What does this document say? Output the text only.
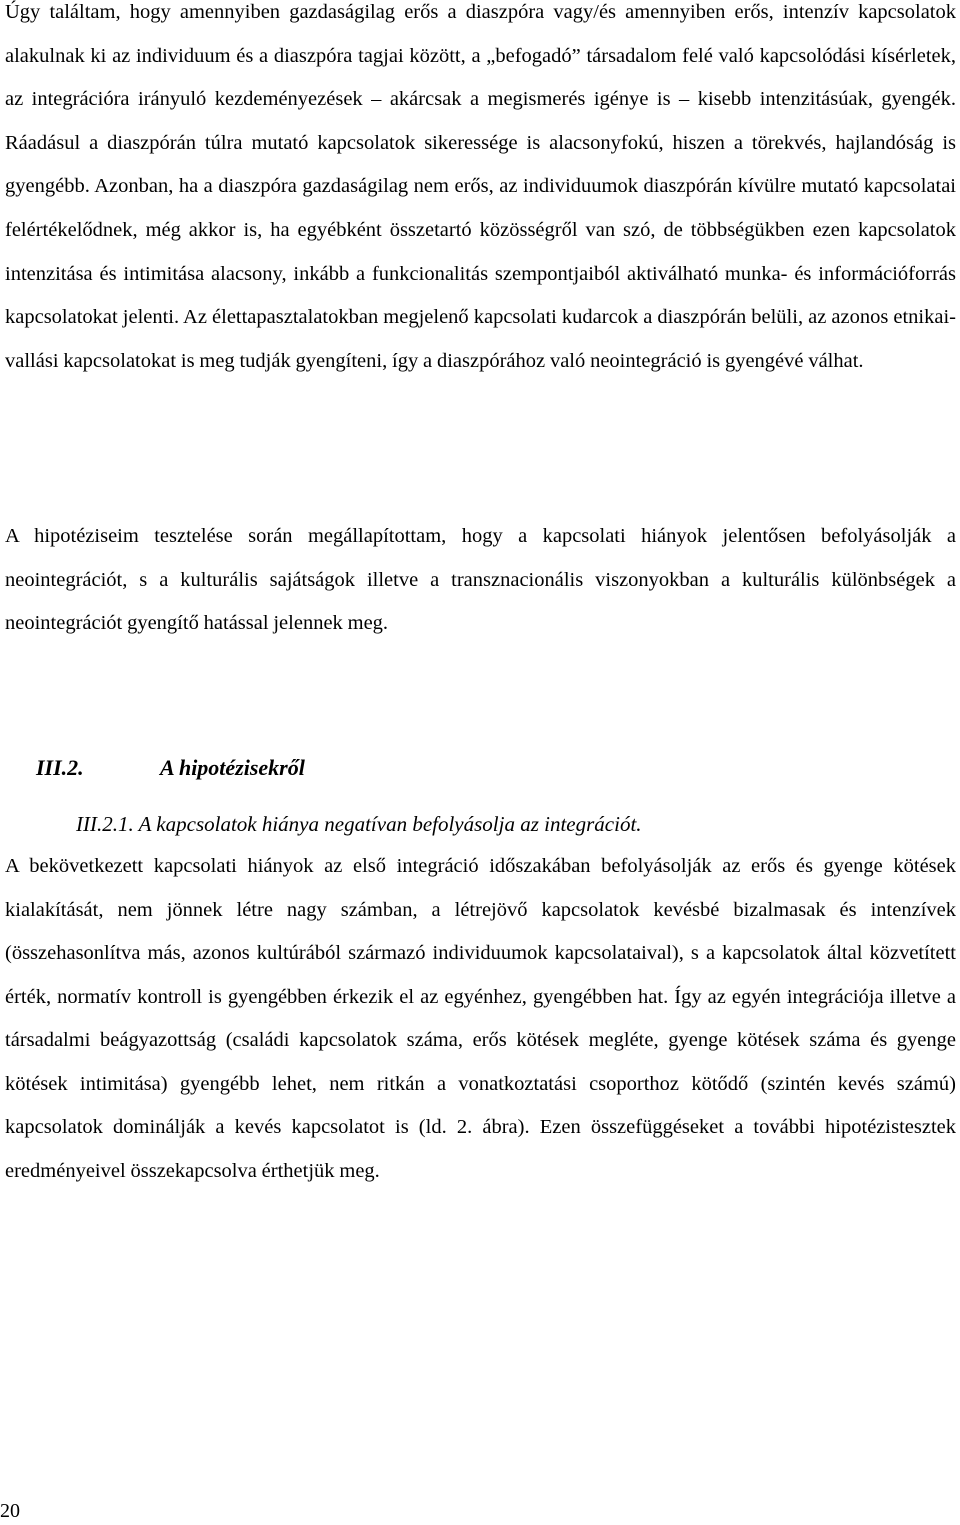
Úgy találtam, hogy amennyiben gazdaságilag erős a diaszpóra vagy/és amennyiben erős, intenzív kapcsolatok alakulnak ki az individuum és a diaszpóra tagjai között, a „befogadó” társadalom felé való kapcsolódási kísérletek, az integrációra irányuló kezdeményezések – akárcsak a megismerés igénye is – kisebb intenzitásúak, gyengék. Ráadásul a diaszpórán túlra mutató kapcsolatok sikeressége is alacsonyfokú, hiszen a törekvés, hajlandóság is gyengébb. Azonban, ha a diaszpóra gazdaságilag nem erős, az individuumok diaszpórán kívülre mutató kapcsolatai felértékelődnek, még akkor is, ha egyébként összetartó közösségről van szó, de többségükben ezen kapcsolatok intenzitása és intimitása alacsony, inkább a funkcionalitás szempontjaiból aktiválható munka- és információforrás kapcsolatokat jelenti. Az élettapasztalatokban megjelenő kapcsolati kudarcok a diaszpórán belüli, az azonos etnikai-vallási kapcsolatokat is meg tudják gyengíteni, így a diaszpórához való neointegráció is gyengévé válhat.

A hipotéziseim tesztelése során megállapítottam, hogy a kapcsolati hiányok jelentősen befolyásolják a neointegrációt, s a kulturális sajátságok illetve a transznacionális viszonyokban a kulturális különbségek a neointegrációt gyengítő hatással jelennek meg.

III.2.	A hipotézisekről
III.2.1. A kapcsolatok hiánya negatívan befolyásolja az integrációt.

A bekövetkezett kapcsolati hiányok az első integráció időszakában befolyásolják az erős és gyenge kötések kialakítását, nem jönnek létre nagy számban, a létrejövő kapcsolatok kevésbé bizalmasak és intenzívek (összehasonlítva más, azonos kultúrából származó individuumok kapcsolataival), s a kapcsolatok által közvetített érték, normatív kontroll is gyengébben érkezik el az egyénhez, gyengébben hat. Így az egyén integrációja illetve a társadalmi beágyazottság (családi kapcsolatok száma, erős kötések megléte, gyenge kötések száma és gyenge kötések intimitása) gyengébb lehet, nem ritkán a vonatkoztatási csoporthoz kötődő (szintén kevés számú) kapcsolatok dominálják a kevés kapcsolatot is (ld. 2. ábra). Ezen összefüggéseket a további hipotézistesztek eredményeivel összekapcsolva érthetjük meg.

20
